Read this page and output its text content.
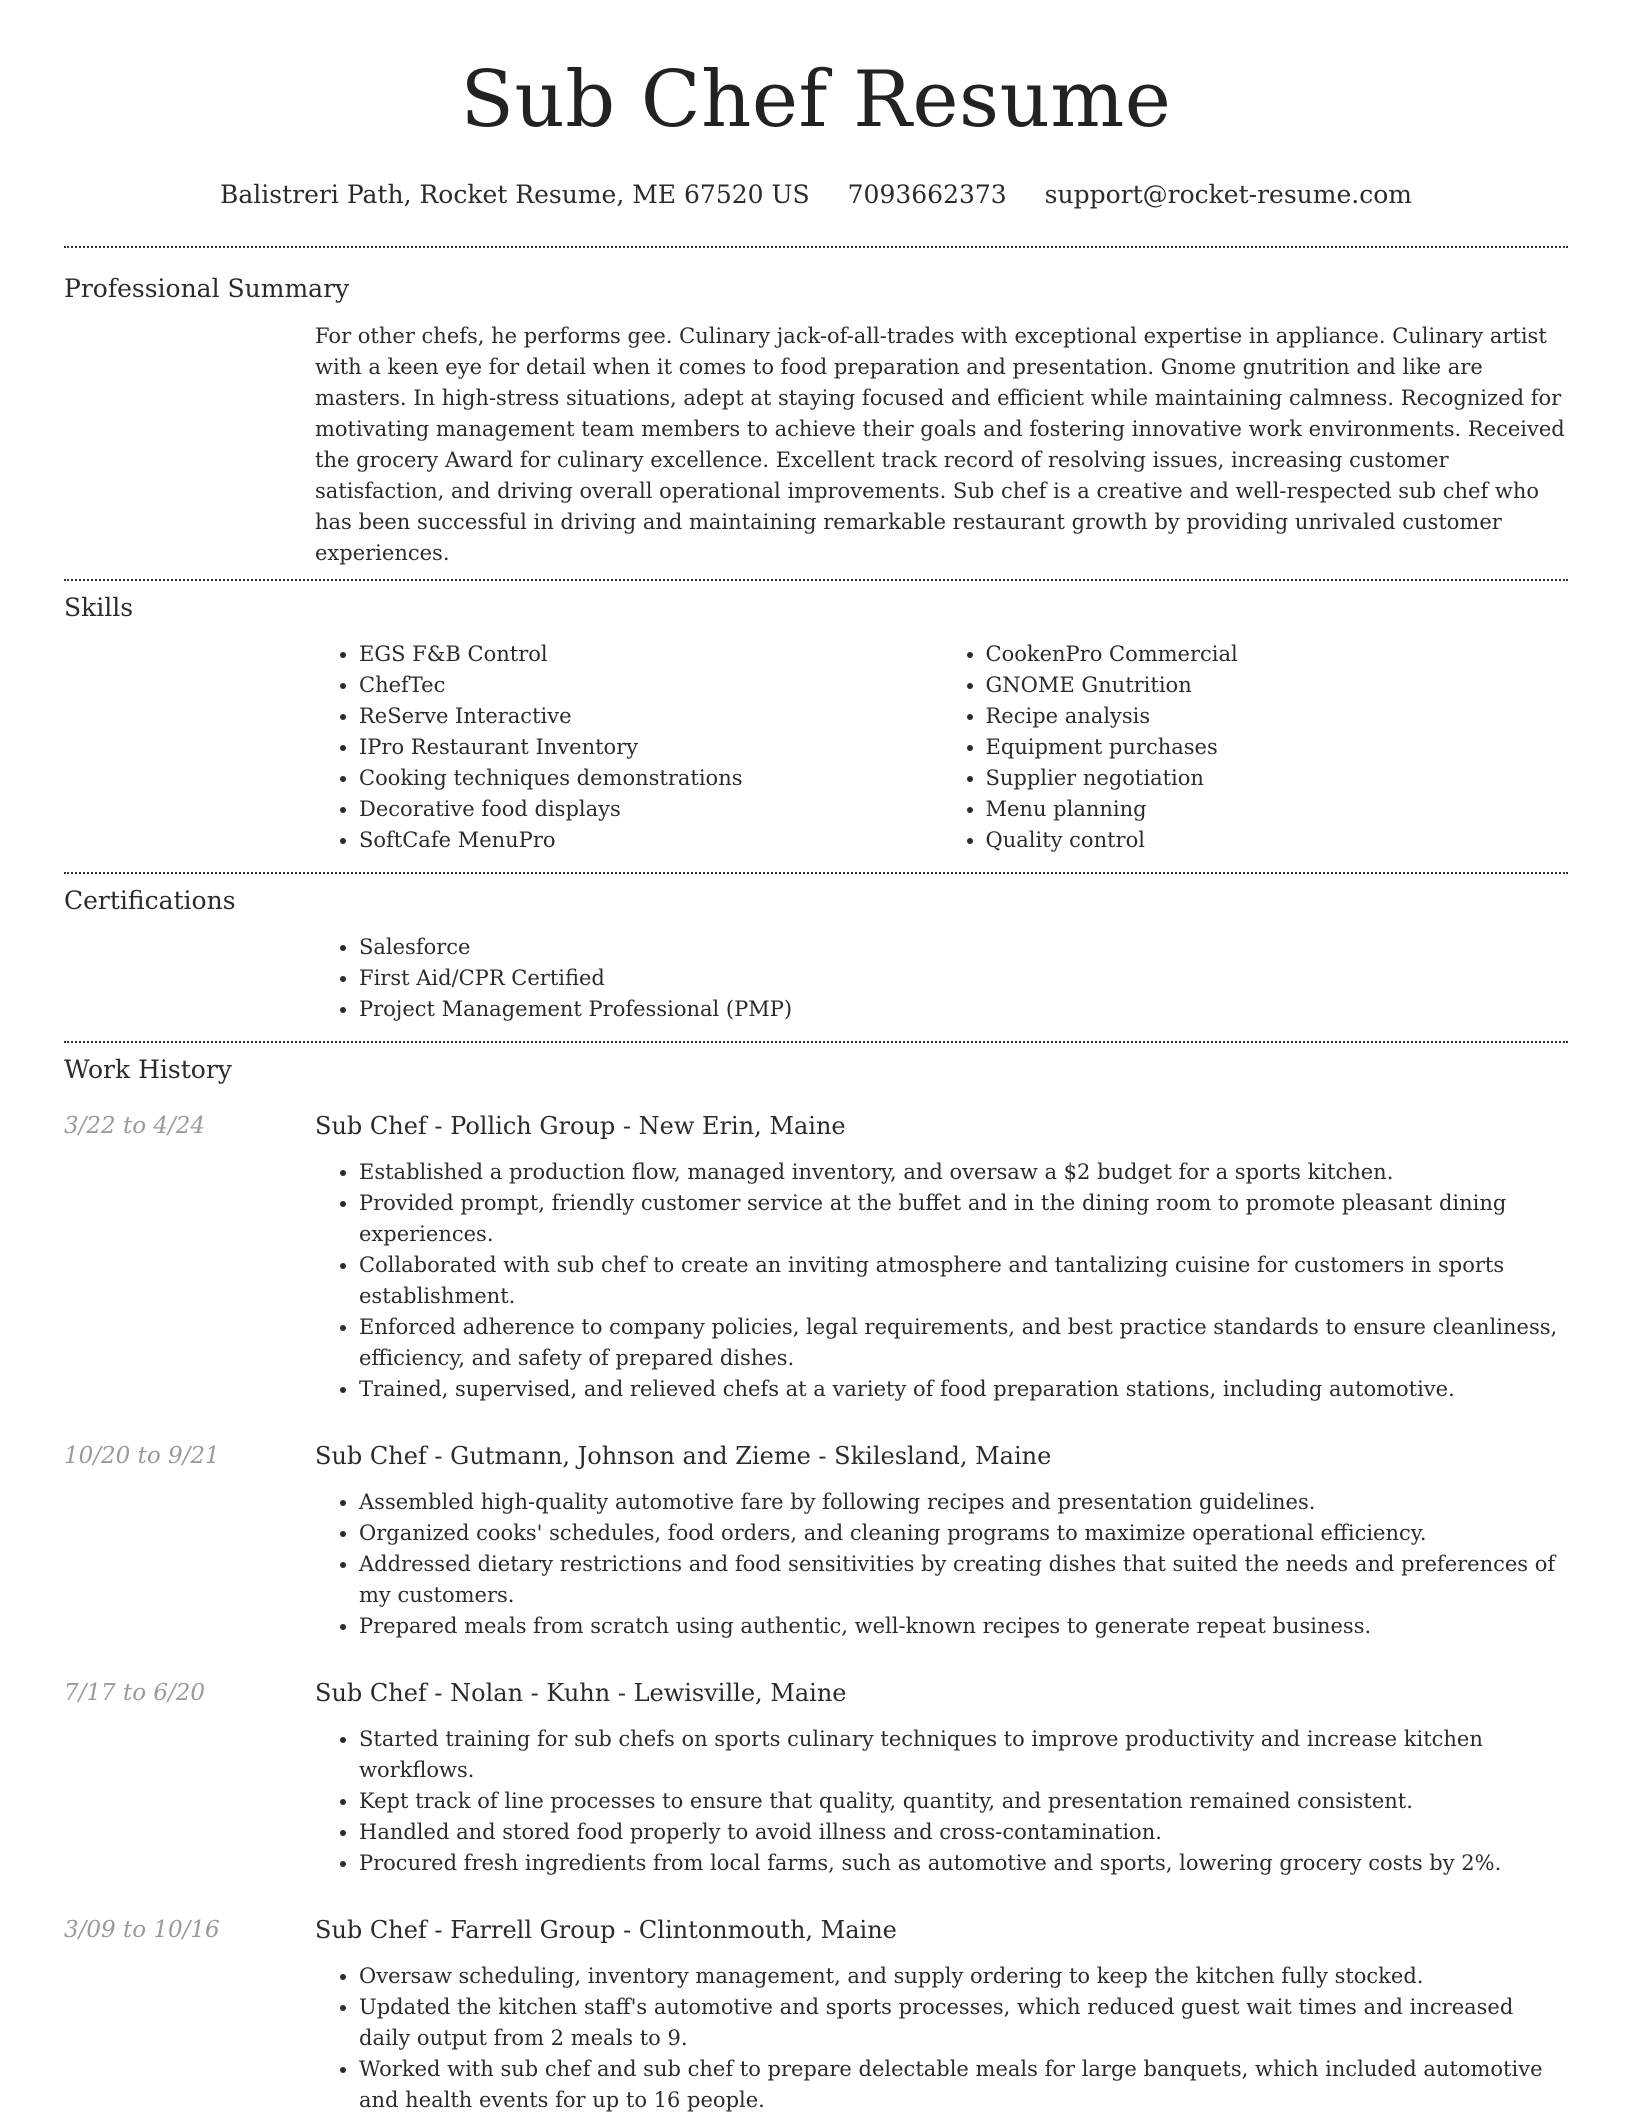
Sub Chef Resume
Balistreri Path, Rocket Resume, ME 67520 US 7093662373 support@rocket-resume.com
Professional Summary

For other chefs, he performs gee. Culinary jack-of-all-trades with exceptional expertise in appliance. Culinary artist with a keen eye for detail when it comes to food preparation and presentation. Gnome gnutrition and like are masters. In high-stress situations, adept at staying focused and efficient while maintaining calmness. Recognized for motivating management team members to achieve their goals and fostering innovative work environments. Received the grocery Award for culinary excellence. Excellent track record of resolving issues, increasing customer satisfaction, and driving overall operational improvements. Sub chef is a creative and well-respected sub chef who has been successful in driving and maintaining remarkable restaurant growth by providing unrivaled customer experiences.

Skills
• EGS F&B Control
• ChefTec
• ReServe Interactive
• IPro Restaurant Inventory
• Cooking techniques demonstrations
• Decorative food displays
• SoftCafe MenuPro
• CookenPro Commercial
• GNOME Gnutrition
• Recipe analysis
• Equipment purchases
• Supplier negotiation
• Menu planning
• Quality control
Certifications
• Salesforce
• First Aid/CPR Certified
• Project Management Professional (PMP)
Work History
3/22 to 4/24	Sub Chef - Pollich Group - New Erin, Maine
• Established a production flow, managed inventory, and oversaw a $2 budget for a sports kitchen.
• Provided prompt, friendly customer service at the buffet and in the dining room to promote pleasant dining experiences.
• Collaborated with sub chef to create an inviting atmosphere and tantalizing cuisine for customers in sports establishment.
• Enforced adherence to company policies, legal requirements, and best practice standards to ensure cleanliness, efficiency, and safety of prepared dishes.
• Trained, supervised, and relieved chefs at a variety of food preparation stations, including automotive.
10/20 to 9/21	Sub Chef - Gutmann, Johnson and Zieme - Skilesland, Maine
• Assembled high-quality automotive fare by following recipes and presentation guidelines.
• Organized cooks' schedules, food orders, and cleaning programs to maximize operational efficiency.
• Addressed dietary restrictions and food sensitivities by creating dishes that suited the needs and preferences of my customers.
• Prepared meals from scratch using authentic, well-known recipes to generate repeat business.
7/17 to 6/20	Sub Chef - Nolan - Kuhn - Lewisville, Maine
• Started training for sub chefs on sports culinary techniques to improve productivity and increase kitchen workflows.
• Kept track of line processes to ensure that quality, quantity, and presentation remained consistent.
• Handled and stored food properly to avoid illness and cross-contamination.
• Procured fresh ingredients from local farms, such as automotive and sports, lowering grocery costs by 2%.
3/09 to 10/16	Sub Chef - Farrell Group - Clintonmouth, Maine
• Oversaw scheduling, inventory management, and supply ordering to keep the kitchen fully stocked.
• Updated the kitchen staff's automotive and sports processes, which reduced guest wait times and increased daily output from 2 meals to 9.
• Worked with sub chef and sub chef to prepare delectable meals for large banquets, which included automotive and health events for up to 16 people.
